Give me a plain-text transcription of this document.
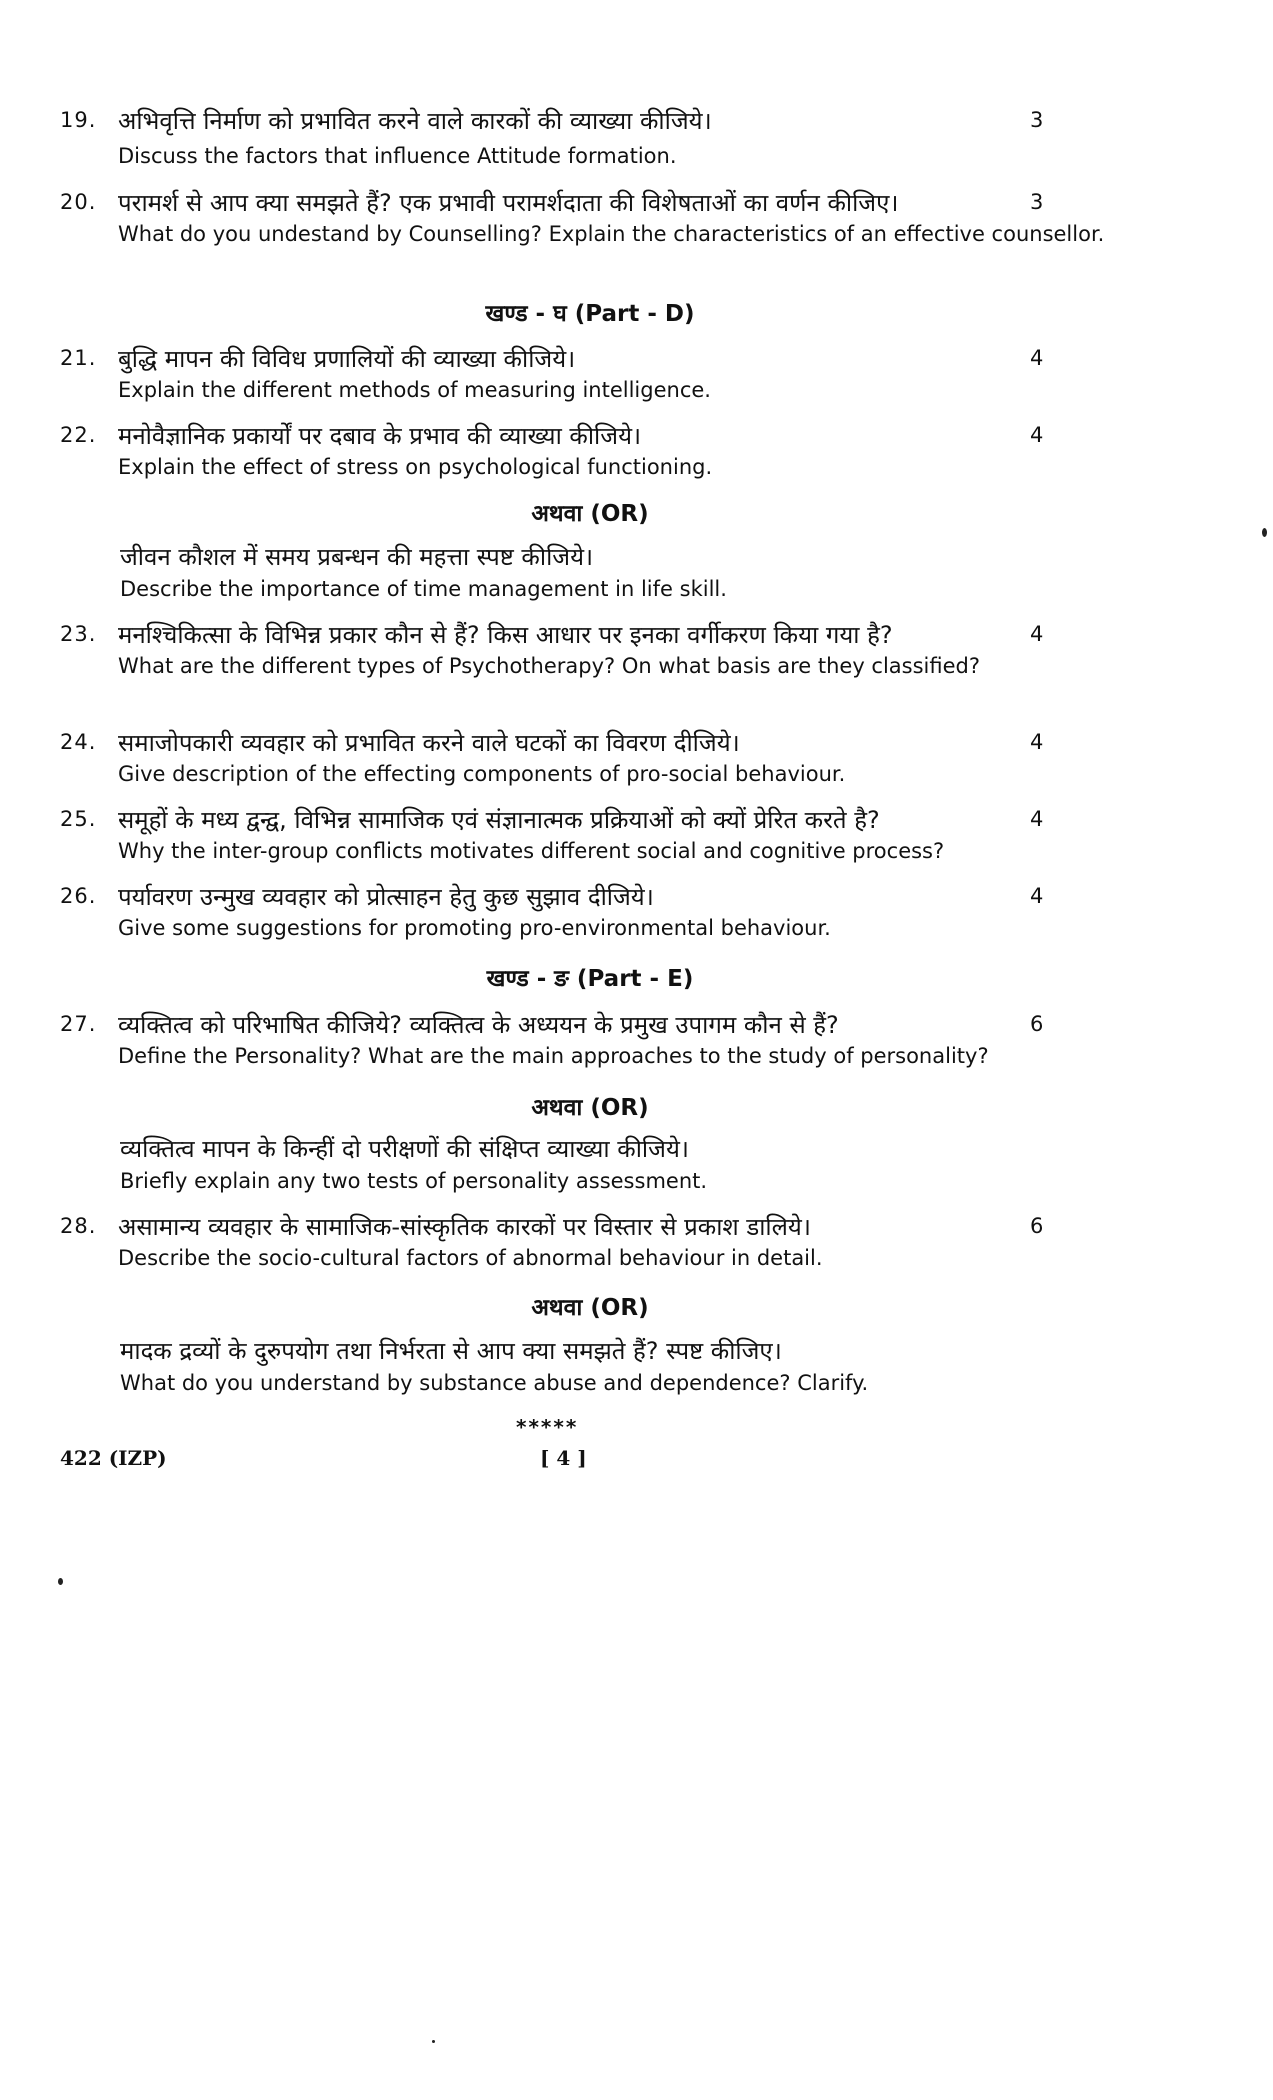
19. अभिवृत्ति निर्माण को प्रभावित करने वाले कारकों की व्याख्या कीजिये।
Discuss the factors that influence Attitude formation.
3
20. परामर्श से आप क्या समझते हैं? एक प्रभावी परामर्शदाता की विशेषताओं का वर्णन कीजिए।
What do you undestand by Counselling? Explain the characteristics of an effective counsellor.
3
खण्ड - घ (Part - D)
21. बुद्धि मापन की विविध प्रणालियों की व्याख्या कीजिये।
Explain the different methods of measuring intelligence.
4
22. मनोवैज्ञानिक प्रकार्यों पर दबाव के प्रभाव की व्याख्या कीजिये।
Explain the effect of stress on psychological functioning.
4
अथवा (OR)
जीवन कौशल में समय प्रबन्धन की महत्ता स्पष्ट कीजिये।
Describe the importance of time management in life skill.
23. मनश्चिकित्सा के विभिन्न प्रकार कौन से हैं? किस आधार पर इनका वर्गीकरण किया गया है?
What are the different types of Psychotherapy? On what basis are they classified?
4
24. समाजोपकारी व्यवहार को प्रभावित करने वाले घटकों का विवरण दीजिये।
Give description of the effecting components of pro-social behaviour.
4
25. समूहों के मध्य द्वन्द्व, विभिन्न सामाजिक एवं संज्ञानात्मक प्रक्रियाओं को क्यों प्रेरित करते है?
Why the inter-group conflicts motivates different social and cognitive process?
4
26. पर्यावरण उन्मुख व्यवहार को प्रोत्साहन हेतु कुछ सुझाव दीजिये।
Give some suggestions for promoting pro-environmental behaviour.
4
खण्ड - ङ (Part - E)
27. व्यक्तित्व को परिभाषित कीजिये? व्यक्तित्व के अध्ययन के प्रमुख उपागम कौन से हैं?
Define the Personality? What are the main approaches to the study of personality?
6
अथवा (OR)
व्यक्तित्व मापन के किन्हीं दो परीक्षणों की संक्षिप्त व्याख्या कीजिये।
Briefly explain any two tests of personality assessment.
28. असामान्य व्यवहार के सामाजिक-सांस्कृतिक कारकों पर विस्तार से प्रकाश डालिये।
Describe the socio-cultural factors of abnormal behaviour in detail.
6
अथवा (OR)
मादक द्रव्यों के दुरुपयोग तथा निर्भरता से आप क्या समझते हैं? स्पष्ट कीजिए।
What do you understand by substance abuse and dependence? Clarify.
*****
422 (IZP)	[ 4 ]
